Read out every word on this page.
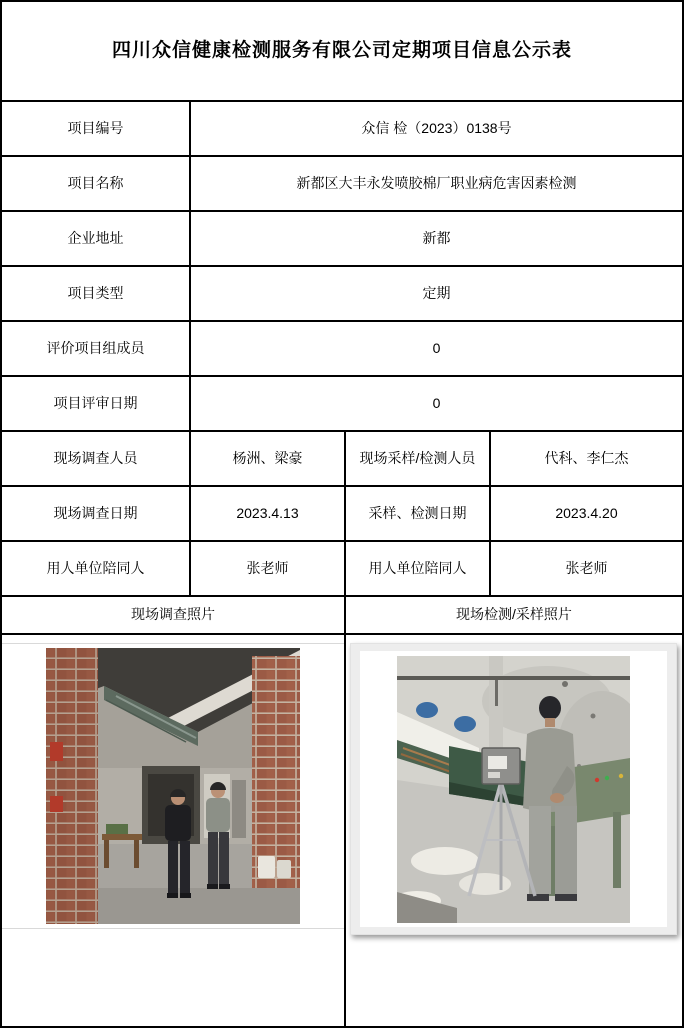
四川众信健康检测服务有限公司定期项目信息公示表
项目编号	众信 检（2023）0138号
项目名称	新都区大丰永发喷胶棉厂职业病危害因素检测
企业地址	新都
项目类型	定期
评价项目组成员	0
项目评审日期	0
现场调查人员	杨洲、梁豪	现场采样/检测人员	代科、李仁杰
现场调查日期	2023.4.13	采样、检测日期	2023.4.20
用人单位陪同人	张老师	用人单位陪同人	张老师
现场调查照片	现场检测/采样照片
